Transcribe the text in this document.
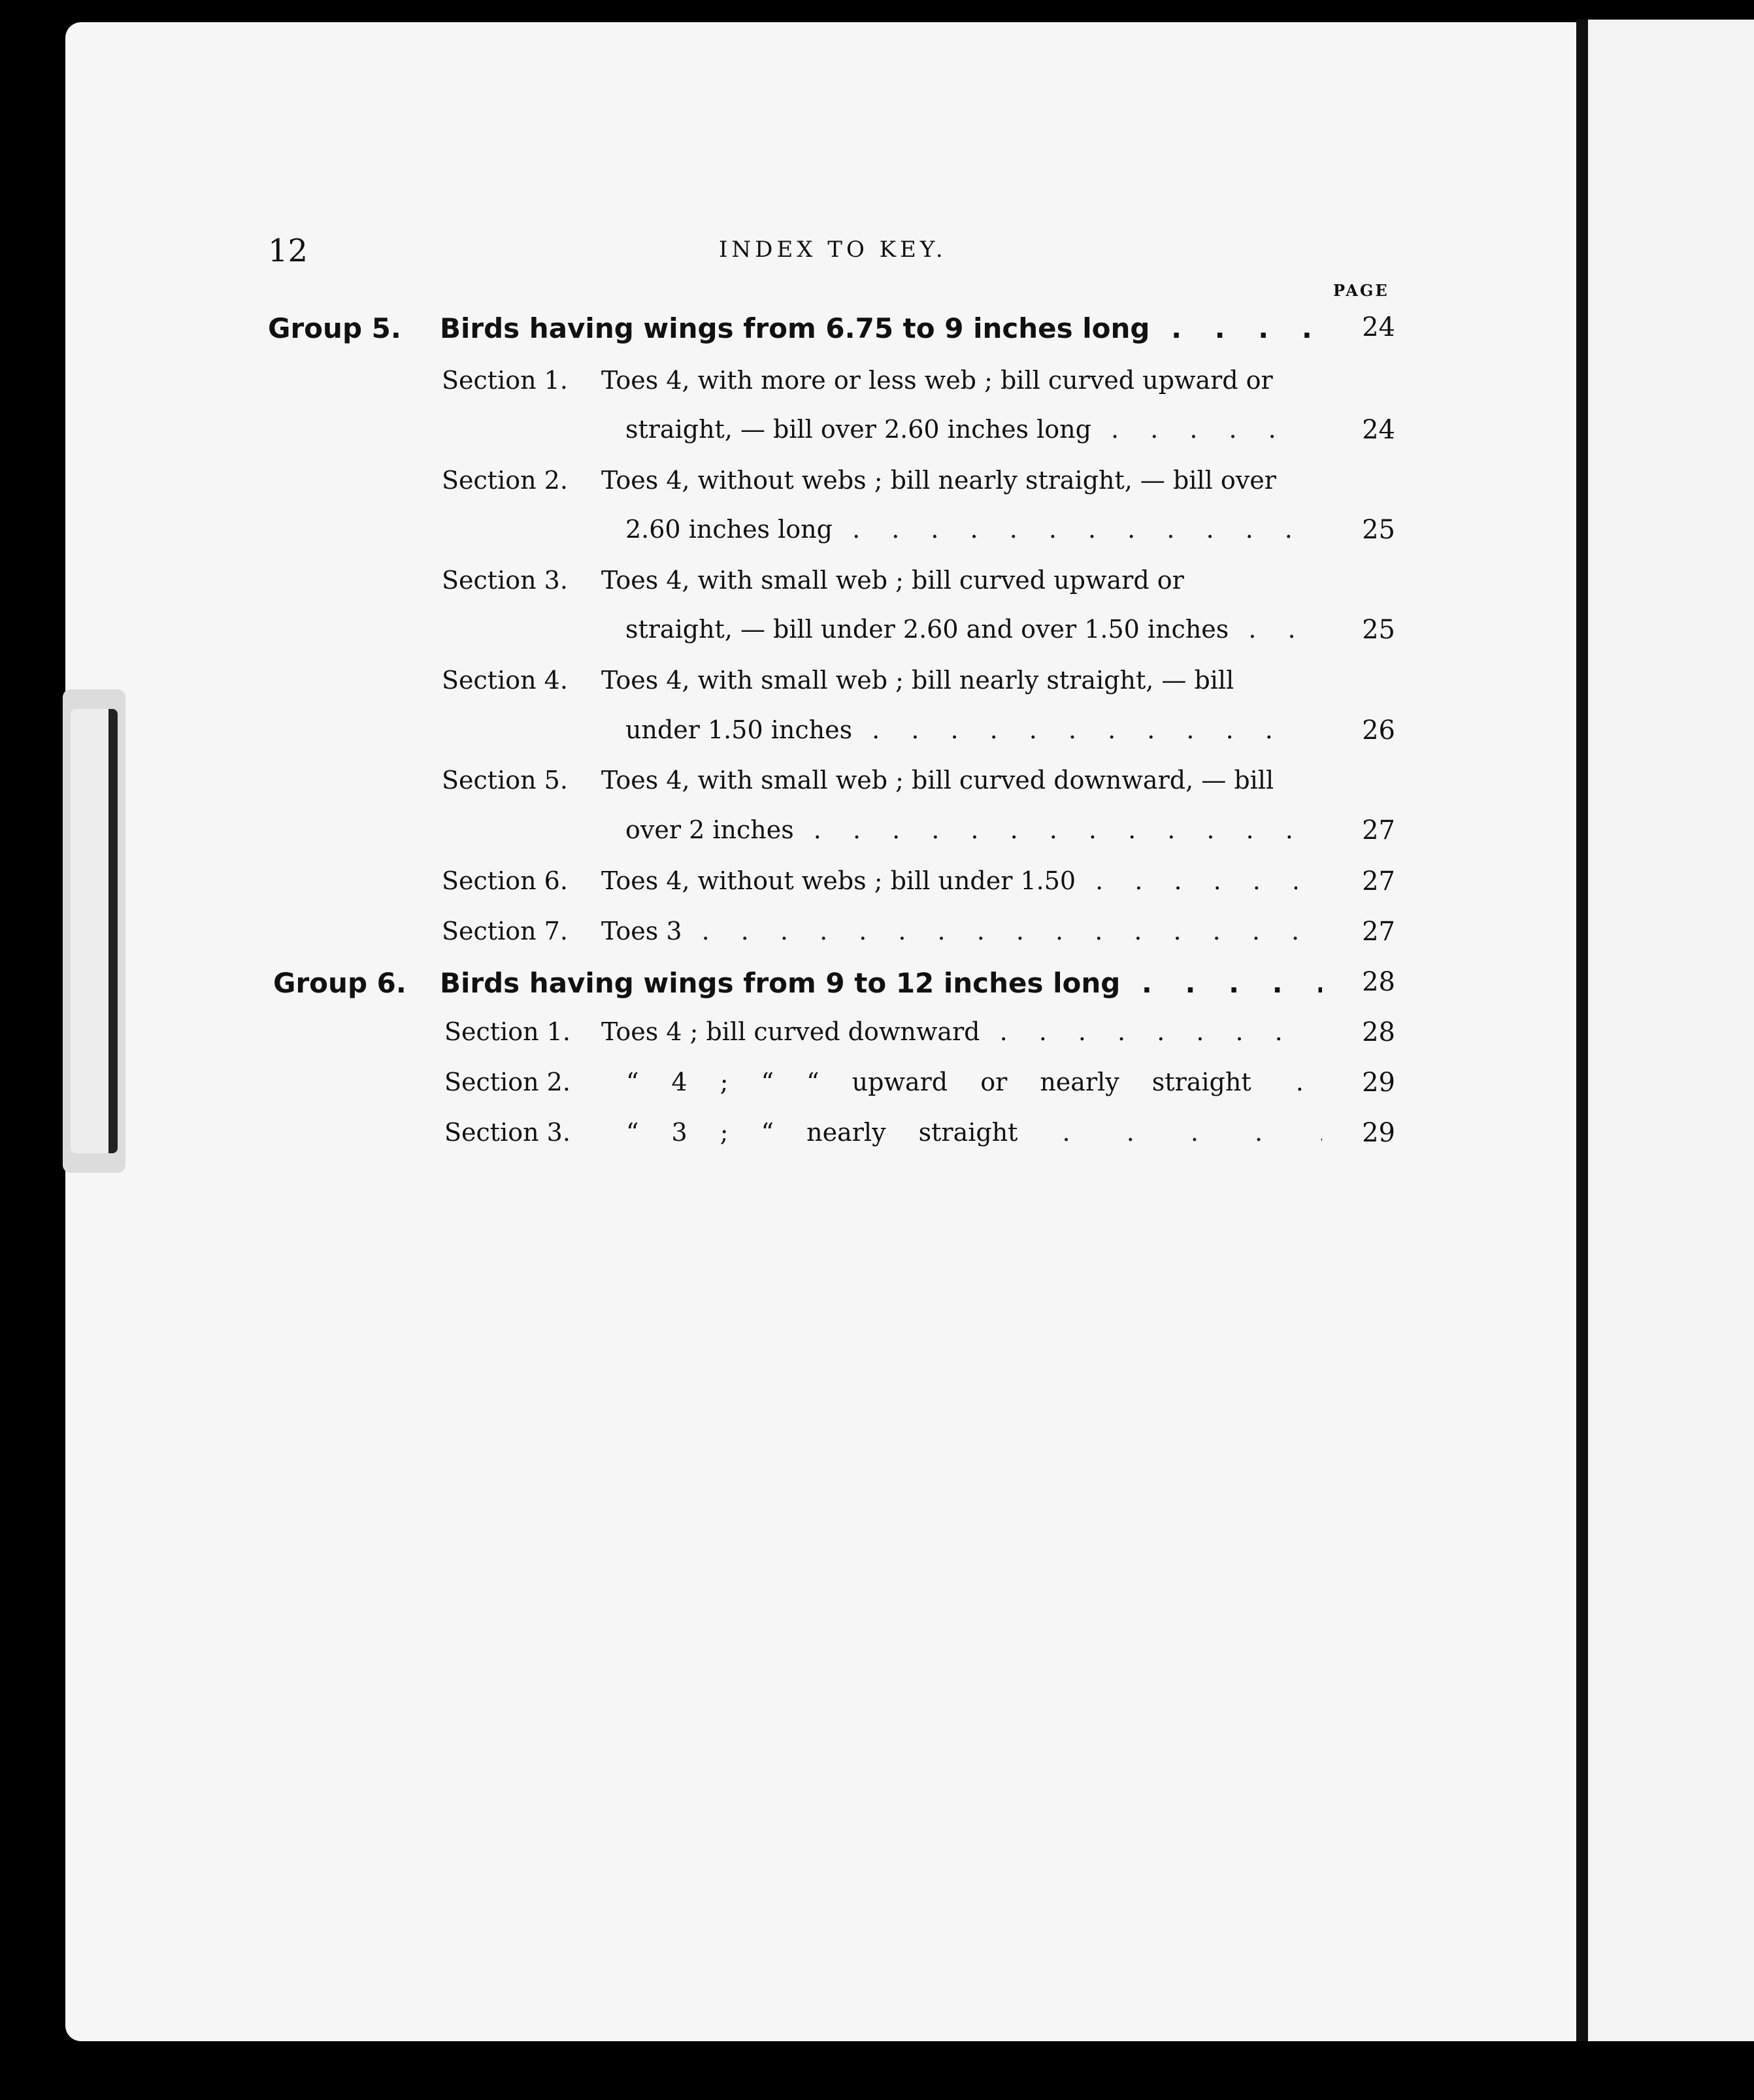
12	INDEX TO KEY.
PAGE
Group 5. Birds having wings from 6.75 to 9 inches long . . .	24
Section 1. Toes 4, with more or less web ; bill curved upward or
straight, — bill over 2.60 inches long . . .	24
Section 2. Toes 4, without webs ; bill nearly straight, — bill over
2.60 inches long . . .	25
Section 3. Toes 4, with small web ; bill curved upward or
straight, — bill under 2.60 and over 1.50 inches . . .	25
Section 4. Toes 4, with small web ; bill nearly straight, — bill
under 1.50 inches . . .	26
Section 5. Toes 4, with small web ; bill curved downward, — bill
over 2 inches . . .	27
Section 6. Toes 4, without webs ; bill under 1.50 . . .	27
Section 7. Toes 3 . . .	27
Group 6. Birds having wings from 9 to 12 inches long . . .	28
Section 1. Toes 4 ; bill curved downward . . .	28
Section 2. “ 4 ; “ “ upward or nearly straight . . .	29
Section 3. “ 3 ; “ nearly straight . . .	29
